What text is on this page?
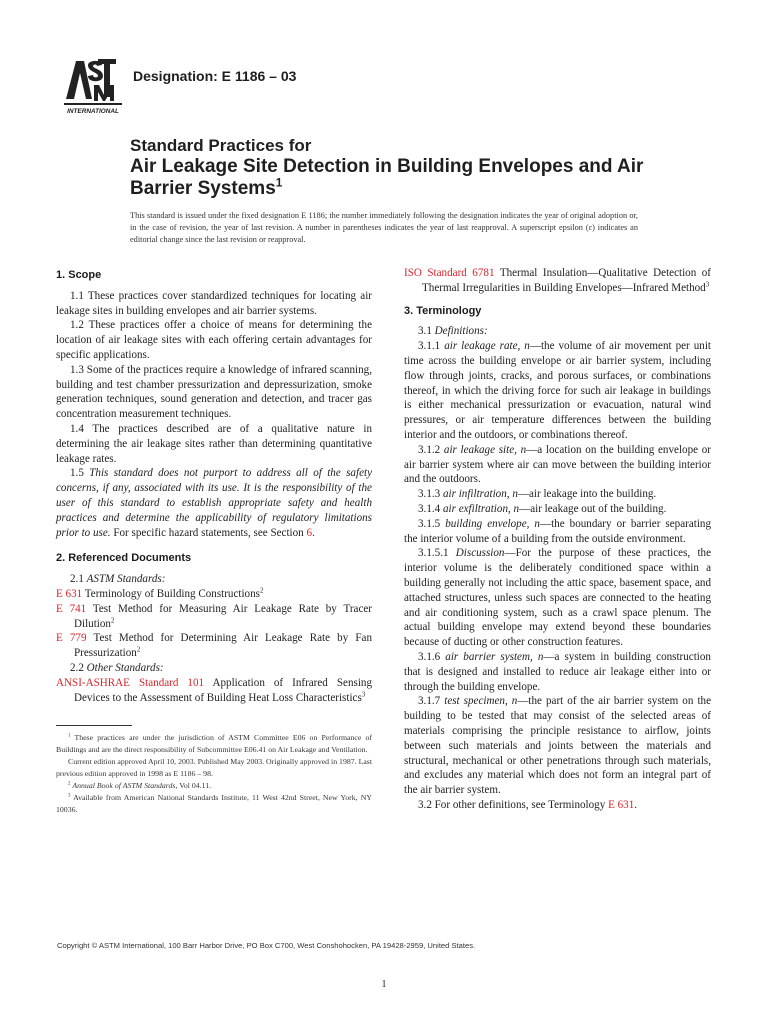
INTERNATIONAL
Designation: E 1186 – 03
Standard Practices for
Air Leakage Site Detection in Building Envelopes and Air Barrier Systems$^1$
This standard is issued under the fixed designation E 1186; the number immediately following the designation indicates the year of original adoption or, in the case of revision, the year of last revision. A number in parentheses indicates the year of last reapproval. A superscript epsilon (ε) indicates an editorial change since the last revision or reapproval.
1. Scope
1.1 These practices cover standardized techniques for locating air leakage sites in building envelopes and air barrier systems.
1.2 These practices offer a choice of means for determining the location of air leakage sites with each offering certain advantages for specific applications.
1.3 Some of the practices require a knowledge of infrared scanning, building and test chamber pressurization and depressurization, smoke generation techniques, sound generation and detection, and tracer gas concentration measurement techniques.
1.4 The practices described are of a qualitative nature in determining the air leakage sites rather than determining quantitative leakage rates.
1.5 This standard does not purport to address all of the safety concerns, if any, associated with its use. It is the responsibility of the user of this standard to establish appropriate safety and health practices and determine the applicability of regulatory limitations prior to use. For specific hazard statements, see Section 6.
2. Referenced Documents
2.1 ASTM Standards:
E 631 Terminology of Building Constructions$^2$
E 741 Test Method for Measuring Air Leakage Rate by Tracer Dilution$^2$
E 779 Test Method for Determining Air Leakage Rate by Fan Pressurization$^2$
2.2 Other Standards:
ANSI-ASHRAE Standard 101 Application of Infrared Sensing Devices to the Assessment of Building Heat Loss Characteristics$^3$
$^1$ These practices are under the jurisdiction of ASTM Committee E06 on Performance of Buildings and are the direct responsibility of Subcommittee E06.41 on Air Leakage and Ventilation.
Current edition approved April 10, 2003. Published May 2003. Originally approved in 1987. Last previous edition approved in 1998 as E 1186 – 98.
$^2$ Annual Book of ASTM Standards, Vol 04.11.
$^3$ Available from American National Standards Institute, 11 West 42nd Street, New York, NY 10036.
ISO Standard 6781 Thermal Insulation—Qualitative Detection of Thermal Irregularities in Building Envelopes—Infrared Method$^3$
3. Terminology
3.1 Definitions:
3.1.1 air leakage rate, n—the volume of air movement per unit time across the building envelope or air barrier system, including flow through joints, cracks, and porous surfaces, or combinations thereof, in which the driving force for such air leakage in buildings is either mechanical pressurization or evacuation, natural wind pressures, or air temperature differences between the building interior and the outdoors, or combinations thereof.
3.1.2 air leakage site, n—a location on the building envelope or air barrier system where air can move between the building interior and the outdoors.
3.1.3 air infiltration, n—air leakage into the building.
3.1.4 air exfiltration, n—air leakage out of the building.
3.1.5 building envelope, n—the boundary or barrier separating the interior volume of a building from the outside environment.
3.1.5.1 Discussion—For the purpose of these practices, the interior volume is the deliberately conditioned space within a building generally not including the attic space, basement space, and attached structures, unless such spaces are connected to the heating and air conditioning system, such as a crawl space plenum. The actual building envelope may extend beyond these boundaries because of ducting or other construction features.
3.1.6 air barrier system, n—a system in building construction that is designed and installed to reduce air leakage either into or through the building envelope.
3.1.7 test specimen, n—the part of the air barrier system on the building to be tested that may consist of the selected areas of materials comprising the principle resistance to airflow, joints between such materials and joints between the materials and structural, mechanical or other penetrations through such materials, and excludes any material which does not form an integral part of the air barrier system.
3.2 For other definitions, see Terminology E 631.
Copyright © ASTM International, 100 Barr Harbor Drive, PO Box C700, West Conshohocken, PA 19428-2959, United States.
1
